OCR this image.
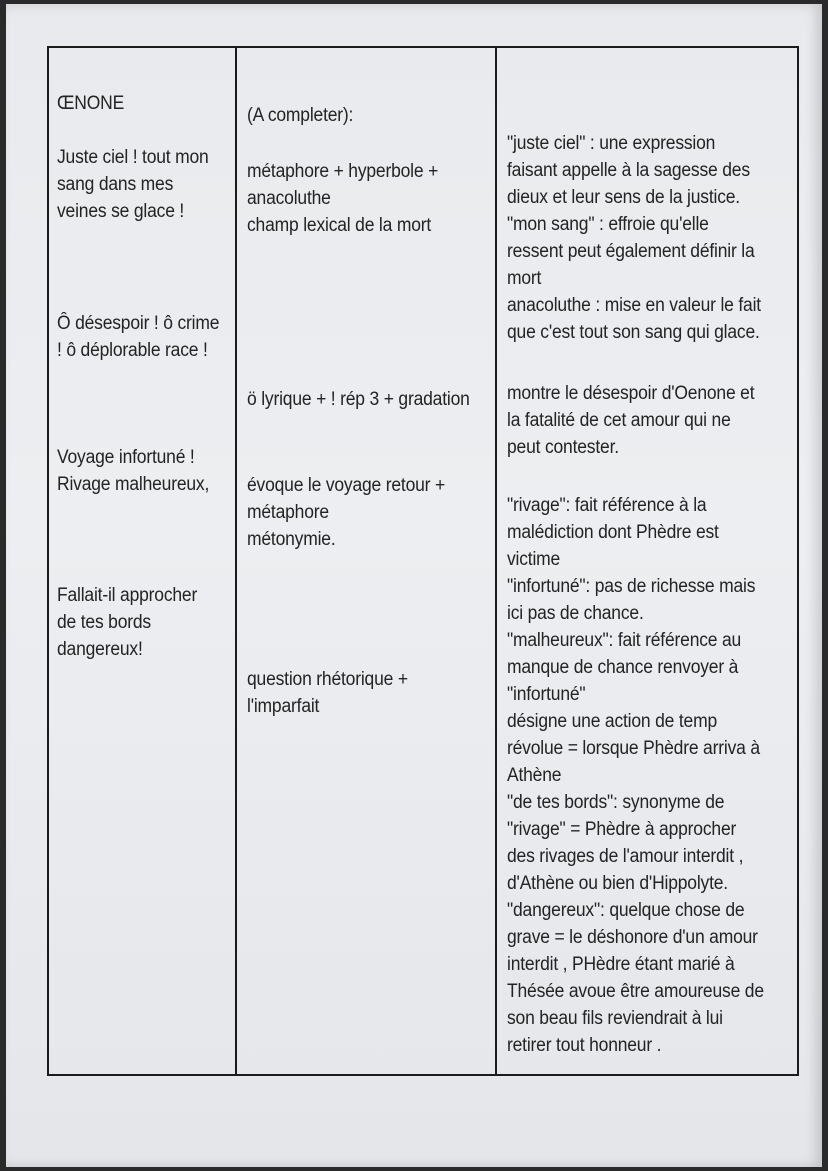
ŒNONE

Juste ciel ! tout mon
sang dans mes
veines se glace !

Ô désespoir ! ô crime
! ô déplorable race !

Voyage infortuné !
Rivage malheureux,

Fallait-il approcher
de tes bords
dangereux!

(A completer):

métaphore + hyperbole +
anacoluthe
champ lexical de la mort

ö lyrique + ! rép 3 + gradation

évoque le voyage retour +
métaphore
métonymie.

question rhétorique +
l'imparfait

"juste ciel" : une expression
faisant appelle à la sagesse des
dieux et leur sens de la justice.
"mon sang" : effroie qu'elle
ressent peut également définir la
mort
anacoluthe : mise en valeur le fait
que c'est tout son sang qui glace.

montre le désespoir d'Oenone et
la fatalité de cet amour qui ne
peut contester.

"rivage": fait référence à la
malédiction dont Phèdre est
victime
"infortuné": pas de richesse mais
ici pas de chance.
"malheureux": fait référence au
manque de chance renvoyer à
"infortuné"
désigne une action de temp
révolue = lorsque Phèdre arriva à
Athène
"de tes bords": synonyme de
"rivage" = Phèdre à approcher
des rivages de l'amour interdit ,
d'Athène ou bien d'Hippolyte.
"dangereux": quelque chose de
grave = le déshonore d'un amour
interdit , PHèdre étant marié à
Thésée avoue être amoureuse de
son beau fils reviendrait à lui
retirer tout honneur .
